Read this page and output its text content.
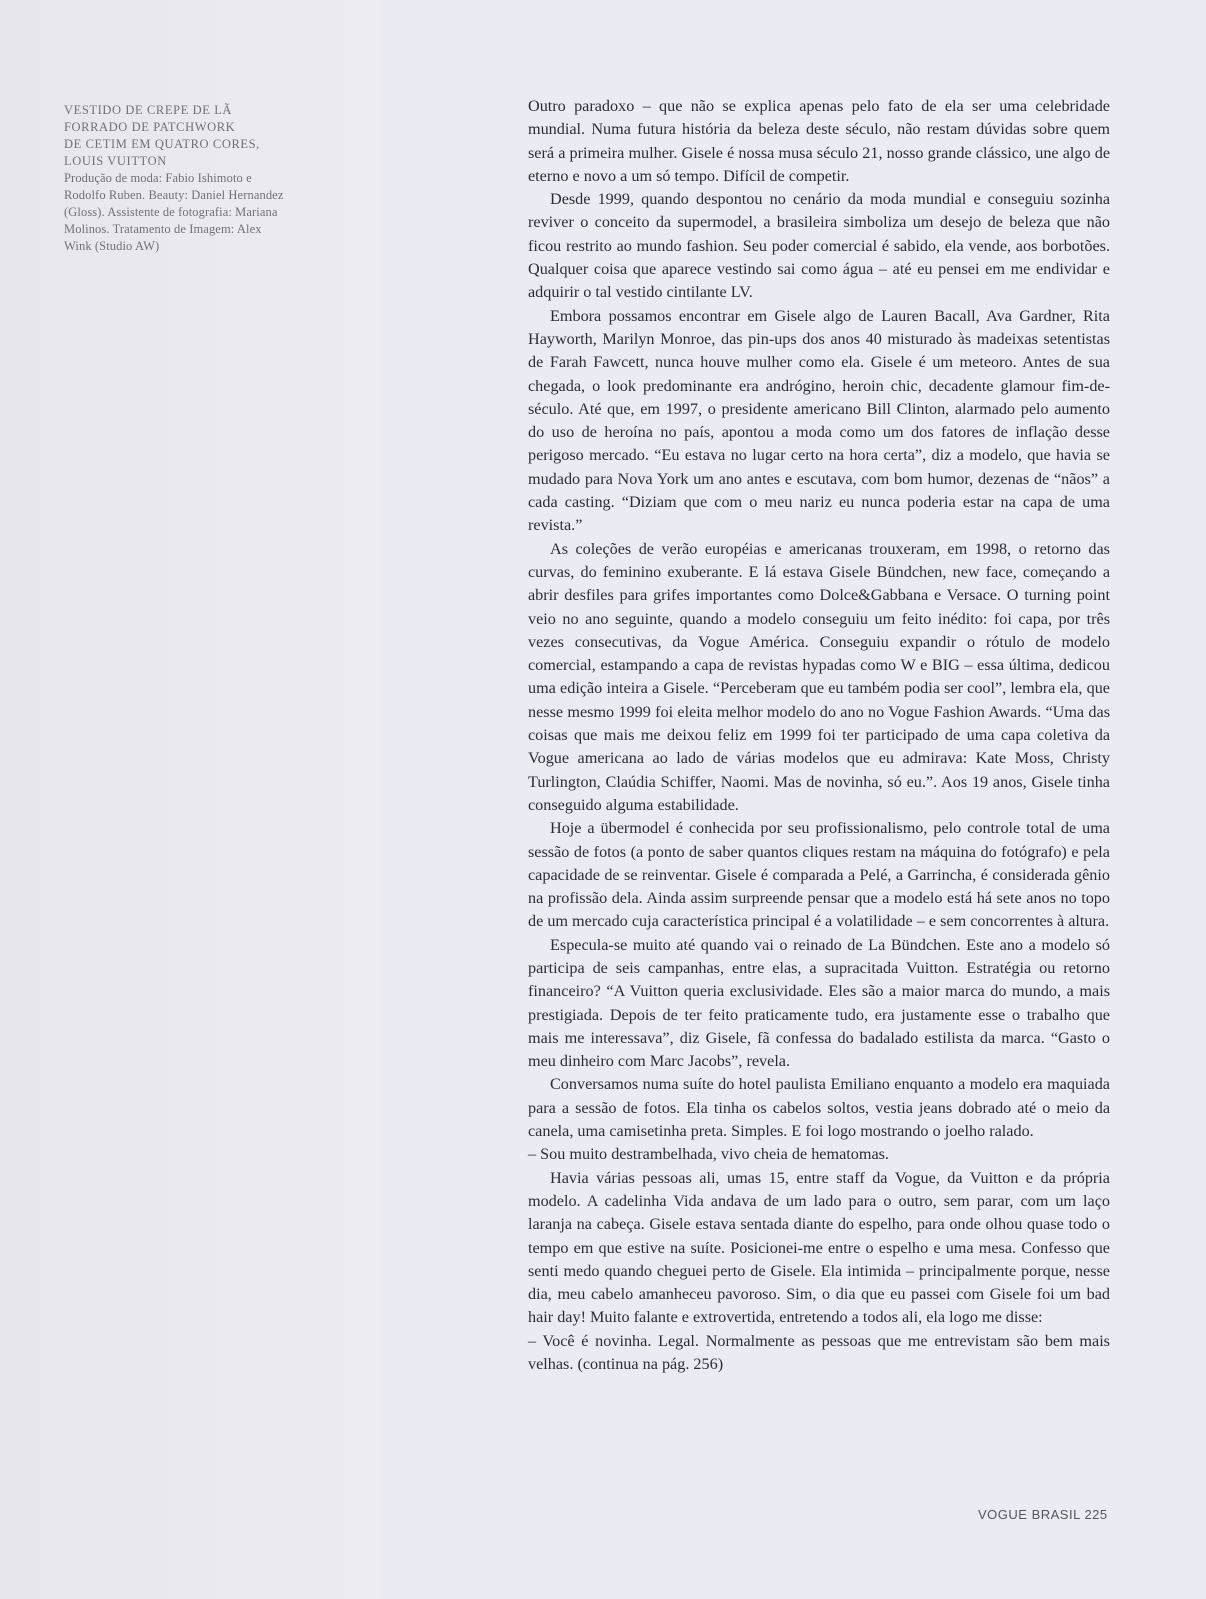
VESTIDO DE CREPE DE LÃ

FORRADO DE PATCHWORK

DE CETIM EM QUATRO CORES,

LOUIS VUITTON

Produção de moda: Fabio Ishimoto e Rodolfo Ruben. Beauty: Daniel Hernandez (Gloss). Assistente de fotografia: Mariana Molinos. Tratamento de Imagem: Alex Wink (Studio AW)

Outro paradoxo – que não se explica apenas pelo fato de ela ser uma celebridade mundial. Numa futura história da beleza deste século, não restam dúvidas sobre quem será a primeira mulher. Gisele é nossa musa século 21, nosso grande clássico, une algo de eterno e novo a um só tempo. Difícil de competir.

Desde 1999, quando despontou no cenário da moda mundial e conseguiu sozinha reviver o conceito da supermodel, a brasileira simboliza um desejo de beleza que não ficou restrito ao mundo fashion. Seu poder comercial é sabido, ela vende, aos borbotões. Qualquer coisa que aparece vestindo sai como água – até eu pensei em me endividar e adquirir o tal vestido cintilante LV.

Embora possamos encontrar em Gisele algo de Lauren Bacall, Ava Gardner, Rita Hayworth, Marilyn Monroe, das pin-ups dos anos 40 misturado às madeixas setentistas de Farah Fawcett, nunca houve mulher como ela. Gisele é um meteoro. Antes de sua chegada, o look predominante era andrógino, heroin chic, decadente glamour fim-de-século. Até que, em 1997, o presidente americano Bill Clinton, alarmado pelo aumento do uso de heroína no país, apontou a moda como um dos fatores de inflação desse perigoso mercado. “Eu estava no lugar certo na hora certa”, diz a modelo, que havia se mudado para Nova York um ano antes e escutava, com bom humor, dezenas de “nãos” a cada casting. “Diziam que com o meu nariz eu nunca poderia estar na capa de uma revista.”

As coleções de verão européias e americanas trouxeram, em 1998, o retorno das curvas, do feminino exuberante. E lá estava Gisele Bündchen, new face, começando a abrir desfiles para grifes importantes como Dolce&Gabbana e Versace. O turning point veio no ano seguinte, quando a modelo conseguiu um feito inédito: foi capa, por três vezes consecutivas, da Vogue América. Conseguiu expandir o rótulo de modelo comercial, estampando a capa de revistas hypadas como W e BIG – essa última, dedicou uma edição inteira a Gisele. “Perceberam que eu também podia ser cool”, lembra ela, que nesse mesmo 1999 foi eleita melhor modelo do ano no Vogue Fashion Awards. “Uma das coisas que mais me deixou feliz em 1999 foi ter participado de uma capa coletiva da Vogue americana ao lado de várias modelos que eu admirava: Kate Moss, Christy Turlington, Claúdia Schiffer, Naomi. Mas de novinha, só eu.”. Aos 19 anos, Gisele tinha conseguido alguma estabilidade.

Hoje a übermodel é conhecida por seu profissionalismo, pelo controle total de uma sessão de fotos (a ponto de saber quantos cliques restam na máquina do fotógrafo) e pela capacidade de se reinventar. Gisele é comparada a Pelé, a Garrincha, é considerada gênio na profissão dela. Ainda assim surpreende pensar que a modelo está há sete anos no topo de um mercado cuja característica principal é a volatilidade – e sem concorrentes à altura.

Especula-se muito até quando vai o reinado de La Bündchen. Este ano a modelo só participa de seis campanhas, entre elas, a supracitada Vuitton. Estratégia ou retorno financeiro? “A Vuitton queria exclusividade. Eles são a maior marca do mundo, a mais prestigiada. Depois de ter feito praticamente tudo, era justamente esse o trabalho que mais me interessava”, diz Gisele, fã confessa do badalado estilista da marca. “Gasto o meu dinheiro com Marc Jacobs”, revela.

Conversamos numa suíte do hotel paulista Emiliano enquanto a modelo era maquiada para a sessão de fotos. Ela tinha os cabelos soltos, vestia jeans dobrado até o meio da canela, uma camisetinha preta. Simples. E foi logo mostrando o joelho ralado.

– Sou muito destrambelhada, vivo cheia de hematomas.

Havia várias pessoas ali, umas 15, entre staff da Vogue, da Vuitton e da própria modelo. A cadelinha Vida andava de um lado para o outro, sem parar, com um laço laranja na cabeça. Gisele estava sentada diante do espelho, para onde olhou quase todo o tempo em que estive na suíte. Posicionei-me entre o espelho e uma mesa. Confesso que senti medo quando cheguei perto de Gisele. Ela intimida – principalmente porque, nesse dia, meu cabelo amanheceu pavoroso. Sim, o dia que eu passei com Gisele foi um bad hair day! Muito falante e extrovertida, entretendo a todos ali, ela logo me disse:

– Você é novinha. Legal. Normalmente as pessoas que me entrevistam são bem mais velhas. (continua na pág. 256)

VOGUE BRASIL 225
